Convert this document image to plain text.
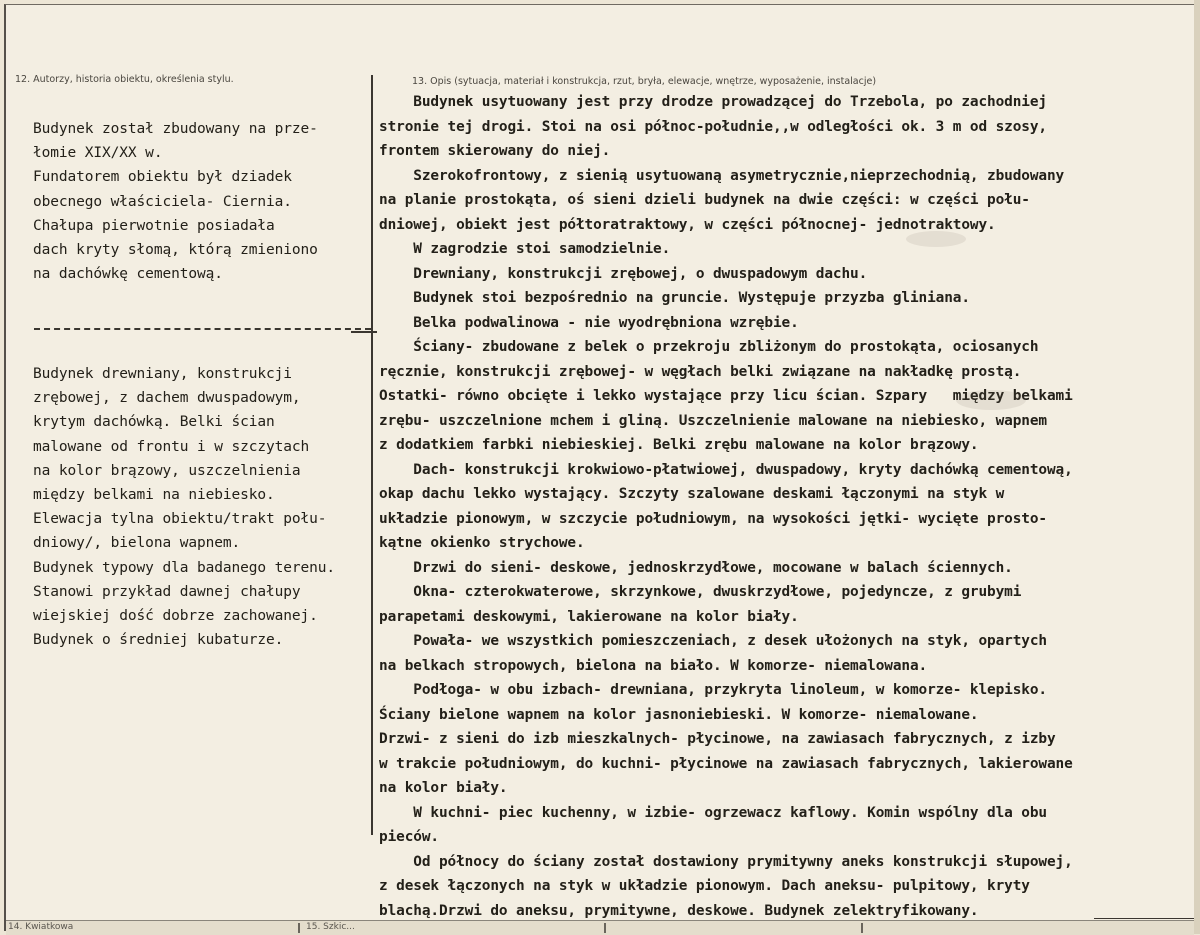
12. Autorzy, historia obiektu, określenia stylu.	13. Opis (sytuacja, materiał i konstrukcja, rzut, bryła, elewacje, wnętrze, wyposażenie, instalacje)
Budynek został zbudowany na prze-
łomie XIX/XX w.
Fundatorem obiektu był dziadek
obecnego właściciela- Ciernia.
Chałupa pierwotnie posiadała
dach kryty słomą, którą zmieniono
na dachówkę cementową.
Budynek drewniany, konstrukcji
zrębowej, z dachem dwuspadowym,
krytym dachówką. Belki ścian
malowane od frontu i w szczytach
na kolor brązowy, uszczelnienia
między belkami na niebiesko.
Elewacja tylna obiektu/trakt połu-
dniowy/, bielona wapnem.
Budynek typowy dla badanego terenu.
Stanowi przykład dawnej chałupy
wiejskiej dość dobrze zachowanej.
Budynek o średniej kubaturze.
Budynek usytuowany jest przy drodze prowadzącej do Trzebola, po zachodniej
stronie tej drogi. Stoi na osi północ-południe,,w odległości ok. 3 m od szosy,
frontem skierowany do niej.
Szerokofrontowy, z sienią usytuowaną asymetrycznie,nieprzechodnią, zbudowany
na planie prostokąta, oś sieni dzieli budynek na dwie części: w części połu-
dniowej, obiekt jest półtoratraktowy, w części północnej- jednotraktowy.
W zagrodzie stoi samodzielnie.
Drewniany, konstrukcji zrębowej, o dwuspadowym dachu.
Budynek stoi bezpośrednio na gruncie. Występuje przyzba gliniana.
Belka podwalinowa - nie wyodrębniona wzrębie.
Ściany- zbudowane z belek o przekroju zbliżonym do prostokąta, ociosanych
ręcznie, konstrukcji zrębowej- w węgłach belki związane na nakładkę prostą.
Ostatki- równo obcięte i lekko wystające przy licu ścian. Szpary   między belkami
zrębu- uszczelnione mchem i gliną. Uszczelnienie malowane na niebiesko, wapnem
z dodatkiem farbki niebieskiej. Belki zrębu malowane na kolor brązowy.
Dach- konstrukcji krokwiowo-płatwiowej, dwuspadowy, kryty dachówką cementową,
okap dachu lekko wystający. Szczyty szalowane deskami łączonymi na styk w
układzie pionowym, w szczycie południowym, na wysokości jętki- wycięte prosto-
kątne okienko strychowe.
Drzwi do sieni- deskowe, jednoskrzydłowe, mocowane w balach ściennych.
Okna- czterokwaterowe, skrzynkowe, dwuskrzydłowe, pojedyncze, z grubymi
parapetami deskowymi, lakierowane na kolor biały.
Powała- we wszystkich pomieszczeniach, z desek ułożonych na styk, opartych
na belkach stropowych, bielona na biało. W komorze- niemalowana.
Podłoga- w obu izbach- drewniana, przykryta linoleum, w komorze- klepisko.
Ściany bielone wapnem na kolor jasnoniebieski. W komorze- niemalowane.
Drzwi- z sieni do izb mieszkalnych- płycinowe, na zawiasach fabrycznych, z izby
w trakcie południowym, do kuchni- płycinowe na zawiasach fabrycznych, lakierowane
na kolor biały.
W kuchni- piec kuchenny, w izbie- ogrzewacz kaflowy. Komin wspólny dla obu
pieców.
Od północy do ściany został dostawiony prymitywny aneks konstrukcji słupowej,
z desek łączonych na styk w układzie pionowym. Dach aneksu- pulpitowy, kryty
blachą.Drzwi do aneksu, prymitywne, deskowe. Budynek zelektryfikowany.
14. Kwiatkowa	15. Szkic...
